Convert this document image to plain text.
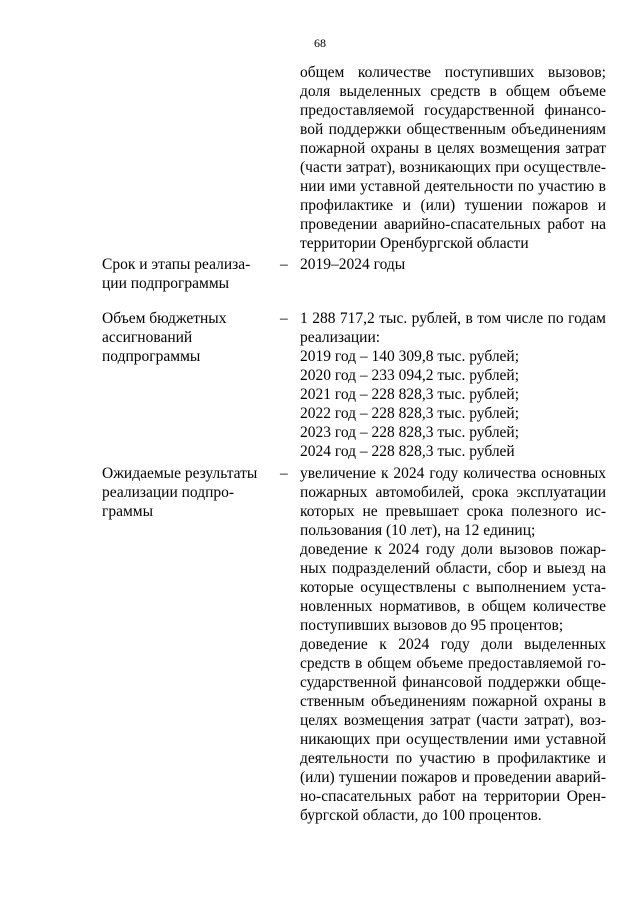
68
общем количестве поступивших вызовов;
доля выделенных средств в общем объеме
предоставляемой государственной финансо-
вой поддержки общественным объединениям
пожарной охраны в целях возмещения затрат
(части затрат), возникающих при осуществле-
нии ими уставной деятельности по участию в
профилактике и (или) тушении пожаров и
проведении аварийно-спасательных работ на
территории Оренбургской области
Срок и этапы реализа-
ции подпрограммы
– 2019–2024 годы
Объем бюджетных
ассигнований
подпрограммы
– 1 288 717,2 тыс. рублей, в том числе по годам
реализации:
2019 год – 140 309,8 тыс. рублей;
2020 год – 233 094,2 тыс. рублей;
2021 год – 228 828,3 тыс. рублей;
2022 год – 228 828,3 тыс. рублей;
2023 год – 228 828,3 тыс. рублей;
2024 год – 228 828,3 тыс. рублей
Ожидаемые результаты
реализации подпро-
граммы
– увеличение к 2024 году количества основных
пожарных автомобилей, срока эксплуатации
которых не превышает срока полезного ис-
пользования (10 лет), на 12 единиц;
доведение к 2024 году доли вызовов пожар-
ных подразделений области, сбор и выезд на
которые осуществлены с выполнением уста-
новленных нормативов, в общем количестве
поступивших вызовов до 95 процентов;
доведение к 2024 году доли выделенных
средств в общем объеме предоставляемой го-
сударственной финансовой поддержки обще-
ственным объединениям пожарной охраны в
целях возмещения затрат (части затрат), воз-
никающих при осуществлении ими уставной
деятельности по участию в профилактике и
(или) тушении пожаров и проведении аварий-
но-спасательных работ на территории Орен-
бургской области, до 100 процентов.
